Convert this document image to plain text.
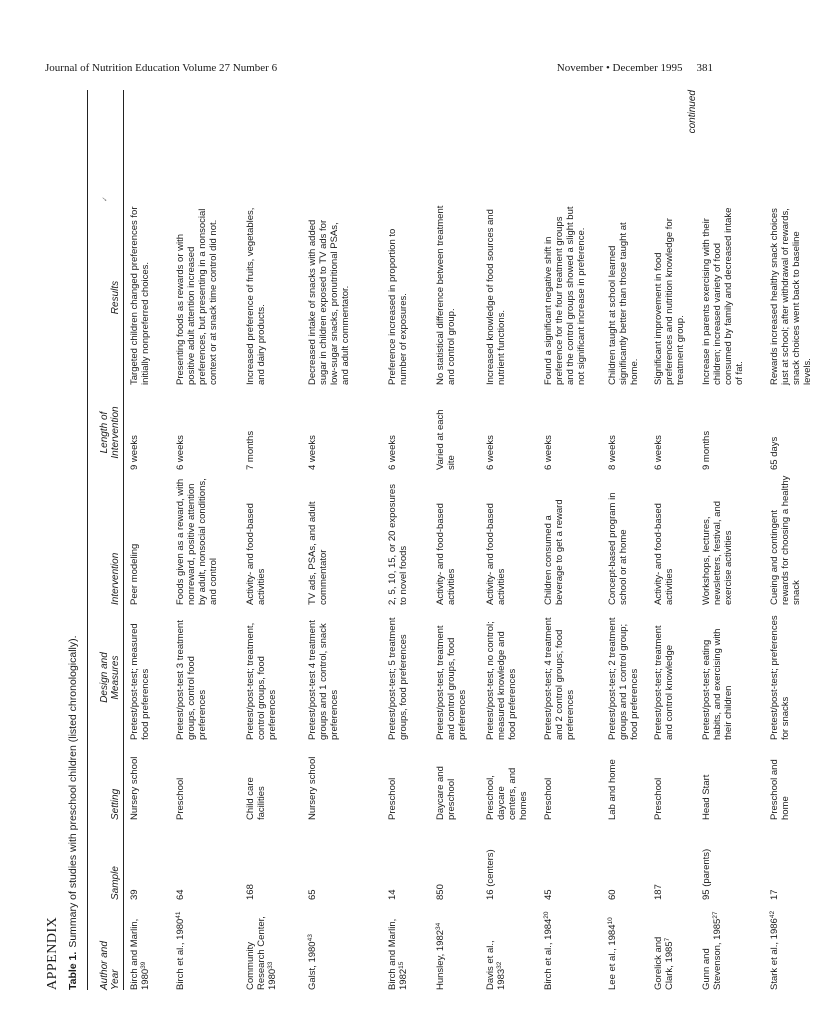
Journal of Nutrition Education Volume 27 Number 6	November • December 1995 381
APPENDIX Table 1.Summary of studies with preschool children (listed chronologically).
Author and Year
Sample
Setting
Design and Measures
Intervention
Length of Intervention
Results
✓
Birch and Marlin, 1980$^{39}$
39
Nursery school
Pretest/post-test; measured food preferences
Peer modeling
9 weeks
Targeted children changed preferences for initially nonpreferred choices.
Birch et al., 1980$^{41}$
64
Preschool
Pretest/post-test 3 treatment groups, control food preferences
Foods given as a reward, with nonreward, positive attention by adult, nonsocial conditions, and control
6 weeks
Presenting foods as rewards or with positive adult attention increased preferences, but presenting in a nonsocial context or at snack time control did not.
Community Research Center, 1980$^{33}$
168
Child care facilities
Pretest/post-test; treatment, control groups, food preferences
Activity- and food-based activities
7 months
Increased preference of fruits, vegetables, and dairy products.
Galst, 1980$^{43}$
65
Nursery school
Pretest/post-test 4 treatment groups and 1 control, snack preferences
TV ads, PSAs, and adult commentator
4 weeks
Decreased intake of snacks with added sugar in children exposed to TV ads for low-sugar snacks, pronutritional PSAs, and adult commentator.
Birch and Marlin, 1982$^{15}$
14
Preschool
Pretest/post-test; 5 treatment groups, food preferences
2, 5, 10, 15, or 20 exposures to novel foods
6 weeks
Preference increased in proportion to number of exposures.
Hunsley, 1982$^{34}$
850
Daycare and preschool
Pretest/post-test, treatment and control groups, food preferences
Activity- and food-based activities
Varied at each site
No statistical difference between treatment and control group.
Davis et al., 1983$^{32}$
16 (centers)
Preschool, daycare centers, and homes
Pretest/post-test, no control; measured knowledge and food preferences
Activity- and food-based activities
6 weeks
Increased knowledge of food sources and nutrient functions.
Birch et al., 1984$^{20}$
45
Preschool
Pretest/post-test; 4 treatment and 2 control groups; food preferences
Children consumed a beverage to get a reward
6 weeks
Found a significant negative shift in preference for the four treatment groups and the control groups showed a slight but not significant increase in preference.
Lee et al., 1984$^{10}$
60
Lab and home
Pretest/post-test; 2 treatment groups and 1 control group; food preferences
Concept-based program in school or at home
8 weeks
Children taught at school learned significantly better than those taught at home.
Gorelick and Clark, 1985$^7$
187
Preschool
Pretest/post-test; treatment and control knowledge
Activity- and food-based activities
6 weeks
Significant improvement in food preferences and nutrition knowledge for treatment group.
Gunn and Stevenson, 1985$^{27}$
95 (parents)
Head Start
Pretest/post-test; eating habits, and exercising with their children
Workshops, lectures, newsletters, festival, and exercise activities
9 months
Increase in parents exercising with their children; increased variety of food consumed by family and decreased intake of fat.
Stark et al., 1986$^{42}$
17
Preschool and home
Pretest/post-test; preferences for snacks
Cueing and contingent rewards for choosing a healthy snack
65 days
Rewards increased healthy snack choices just at school; after withdrawal of rewards, snack choices went back to baseline levels.
continued
